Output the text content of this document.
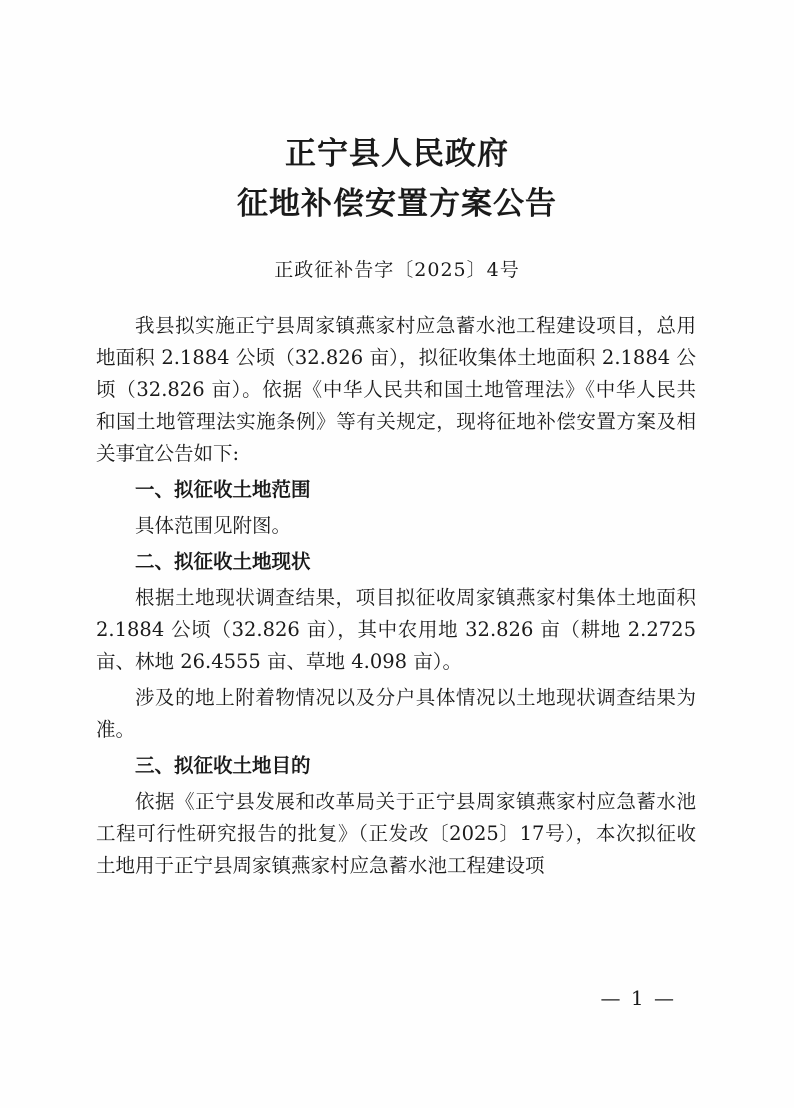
正宁县人民政府
征地补偿安置方案公告
正政征补告字〔2025〕4号

我县拟实施正宁县周家镇燕家村应急蓄水池工程建设项目，总用地面积 2.1884 公顷（32.826 亩），拟征收集体土地面积 2.1884 公顷（32.826 亩）。依据《中华人民共和国土地管理法》《中华人民共和国土地管理法实施条例》等有关规定，现将征地补偿安置方案及相关事宜公告如下:

一、拟征收土地范围

具体范围见附图。

二、拟征收土地现状

根据土地现状调查结果，项目拟征收周家镇燕家村集体土地面积 2.1884 公顷（32.826 亩），其中农用地 32.826 亩（耕地 2.2725 亩、林地 26.4555 亩、草地 4.098 亩）。

涉及的地上附着物情况以及分户具体情况以土地现状调查结果为准。

三、拟征收土地目的

依据《正宁县发展和改革局关于正宁县周家镇燕家村应急蓄水池工程可行性研究报告的批复》（正发改〔2025〕17号），本次拟征收土地用于正宁县周家镇燕家村应急蓄水池工程建设项

— 1 —
